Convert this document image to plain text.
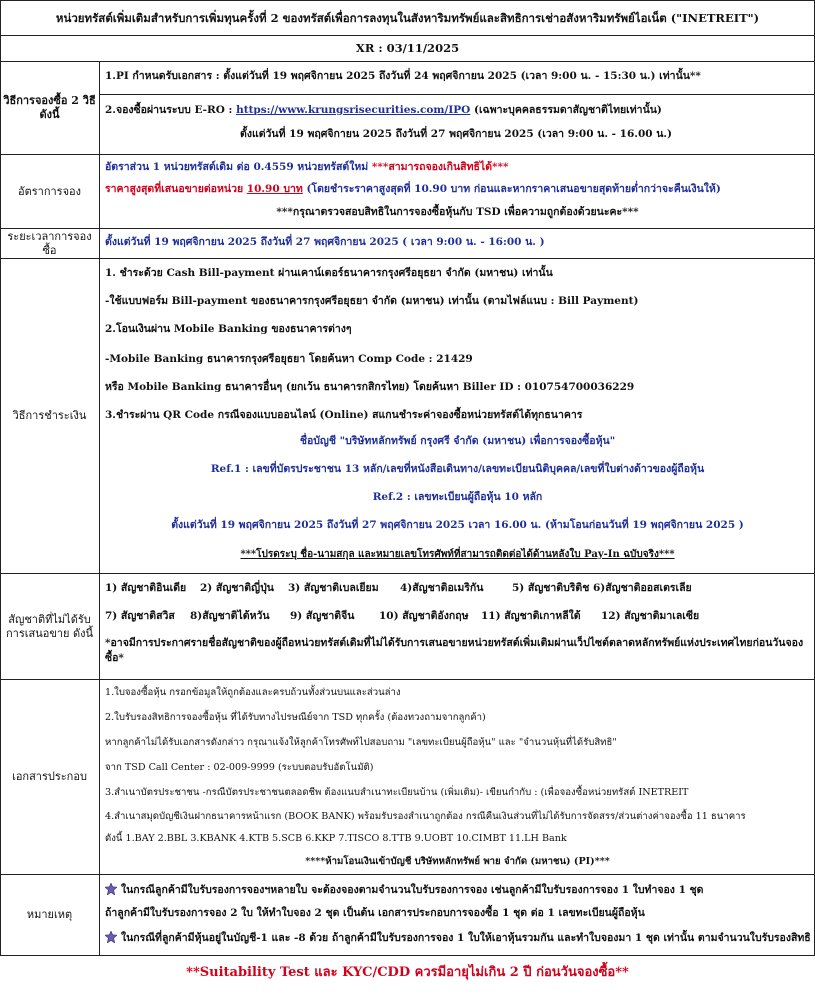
หน่วยทรัสต์เพิ่มเติมสำหรับการเพิ่มทุนครั้งที่ 2 ของทรัสต์เพื่อการลงทุนในสังหาริมทรัพย์และสิทธิการเช่าอสังหาริมทรัพย์ไอเน็ต ("INETREIT")
XR : 03/11/2025
วิธีการจองซื้อ 2 วิธี ดังนี้
1.PI กำหนดรับเอกสาร : ตั้งแต่วันที่ 19 พฤศจิกายน 2025 ถึงวันที่ 24 พฤศจิกายน 2025 (เวลา 9:00 น. - 15:30 น.) เท่านั้น**
2.จองซื้อผ่านระบบ E-RO : https://www.krungsrisecurities.com/IPO (เฉพาะบุคคลธรรมดาสัญชาติไทยเท่านั้น)
ตั้งแต่วันที่ 19 พฤศจิกายน 2025 ถึงวันที่ 27 พฤศจิกายน 2025 (เวลา 9:00 น. - 16.00 น.)
อัตราการจอง
อัตราส่วน 1 หน่วยทรัสต์เดิม ต่อ 0.4559 หน่วยทรัสต์ใหม่ ***สามารถจองเกินสิทธิได้***
ราคาสูงสุดที่เสนอขายต่อหน่วย 10.90 บาท (โดยชำระราคาสูงสุดที่ 10.90 บาท ก่อนและหากราคาเสนอขายสุดท้ายต่ำกว่าจะคืนเงินให้)
***กรุณาตรวจสอบสิทธิในการจองซื้อหุ้นกับ TSD เพื่อความถูกต้องด้วยนะคะ***
ระยะเวลาการจองซื้อ
ตั้งแต่วันที่ 19 พฤศจิกายน 2025 ถึงวันที่ 27 พฤศจิกายน 2025 ( เวลา 9:00 น. - 16:00 น. )
วิธีการชำระเงิน
1. ชำระด้วย Cash Bill-payment ผ่านเคาน์เตอร์ธนาคารกรุงศรีอยุธยา จำกัด (มหาชน) เท่านั้น
-ใช้แบบฟอร์ม Bill-payment ของธนาคารกรุงศรีอยุธยา จำกัด (มหาชน) เท่านั้น (ตามไฟล์แนบ : Bill Payment)
2.โอนเงินผ่าน Mobile Banking ของธนาคารต่างๆ
-Mobile Banking ธนาคารกรุงศรีอยุธยา โดยค้นหา Comp Code : 21429
หรือ Mobile Banking ธนาคารอื่นๆ (ยกเว้น ธนาคารกสิกรไทย) โดยค้นหา Biller ID : 010754700036229
3.ชำระผ่าน QR Code กรณีจองแบบออนไลน์ (Online) สแกนชำระค่าจองซื้อหน่วยทรัสต์ได้ทุกธนาคาร
ชื่อบัญชี "บริษัทหลักทรัพย์ กรุงศรี จำกัด (มหาชน) เพื่อการจองซื้อหุ้น"
Ref.1 : เลขที่บัตรประชาชน 13 หลัก/เลขที่หนังสือเดินทาง/เลขทะเบียนนิติบุคคล/เลขที่ใบต่างด้าวของผู้ถือหุ้น
Ref.2 : เลขทะเบียนผู้ถือหุ้น 10 หลัก
ตั้งแต่วันที่ 19 พฤศจิกายน 2025 ถึงวันที่ 27 พฤศจิกายน 2025 เวลา 16.00 น. (ห้ามโอนก่อนวันที่ 19 พฤศจิกายน 2025 )
***โปรดระบุ ชื่อ-นามสกุล และหมายเลขโทรศัพท์ที่สามารถติดต่อได้ด้านหลังใบ Pay-In ฉบับจริง***
สัญชาติที่ไม่ได้รับการเสนอขาย ดังนี้
1) สัญชาติอินเดีย 2) สัญชาติญี่ปุ่น 3) สัญชาติเบลเยียม 4)สัญชาติอเมริกัน	5) สัญชาติบริติช 6)สัญชาติออสเตรเลีย
7) สัญชาติสวิส 8)สัญชาติไต้หวัน 9) สัญชาติจีน 10) สัญชาติอังกฤษ 11) สัญชาติเกาหลีใต้ 12) สัญชาติมาเลเซีย
*อาจมีการประกาศรายชื่อสัญชาติของผู้ถือหน่วยทรัสต์เดิมที่ไม่ได้รับการเสนอขายหน่วยทรัสต์เพิ่มเติมผ่านเว็ปไซต์ตลาดหลักทรัพย์แห่งประเทศไทยก่อนวันจองซื้อ*
เอกสารประกอบ
1.ใบจองซื้อหุ้น กรอกข้อมูลให้ถูกต้องและครบถ้วนทั้งส่วนบนและส่วนล่าง
2.ใบรับรองสิทธิการจองซื้อหุ้น ที่ได้รับทางไปรษณีย์จาก TSD ทุกครั้ง (ต้องทวงถามจากลูกค้า)
หากลูกค้าไม่ได้รับเอกสารดังกล่าว กรุณาแจ้งให้ลูกค้าโทรศัพท์ไปสอบถาม "เลขทะเบียนผู้ถือหุ้น" และ "จำนวนหุ้นที่ได้รับสิทธิ"
จาก TSD Call Center : 02-009-9999 (ระบบตอบรับอัตโนมัติ)
3.สำเนาบัตรประชาชน -กรณีบัตรประชาชนตลอดชีพ ต้องแนบสำเนาทะเบียนบ้าน (เพิ่มเติม)- เขียนกำกับ : (เพื่อจองซื้อหน่วยทรัสต์ INETREIT
4.สำเนาสมุดบัญชีเงินฝากธนาคารหน้าแรก (BOOK BANK) พร้อมรับรองสำเนาถูกต้อง กรณีคืนเงินส่วนที่ไม่ได้รับการจัดสรร/ส่วนต่างค่าจองซื้อ 11 ธนาคาร
ดังนี้ 1.BAY 2.BBL 3.KBANK 4.KTB 5.SCB 6.KKP 7.TISCO 8.TTB 9.UOBT 10.CIMBT 11.LH Bank
****ห้ามโอนเงินเข้าบัญชี บริษัทหลักทรัพย์ พาย จำกัด (มหาชน) (PI)***
หมายเหตุ
ในกรณีลูกค้ามีใบรับรองการจองฯหลายใบ จะต้องจองตามจำนวนใบรับรองการจอง เช่นลูกค้ามีใบรับรองการจอง 1 ใบทำจอง 1 ชุด
ถ้าลูกค้ามีใบรับรองการจอง 2 ใบ ให้ทำใบจอง 2 ชุด เป็นต้น เอกสารประกอบการจองซื้อ 1 ชุด ต่อ 1 เลขทะเบียนผู้ถือหุ้น
ในกรณีที่ลูกค้ามีหุ้นอยู่ในบัญชี-1 และ -8 ด้วย ถ้าลูกค้ามีใบรับรองการจอง 1 ใบให้เอาหุ้นรวมกัน และทำใบจองมา 1 ชุด เท่านั้น ตามจำนวนใบรับรองสิทธิ
**Suitability Test และ KYC/CDD ควรมีอายุไม่เกิน 2 ปี ก่อนวันจองซื้อ**
